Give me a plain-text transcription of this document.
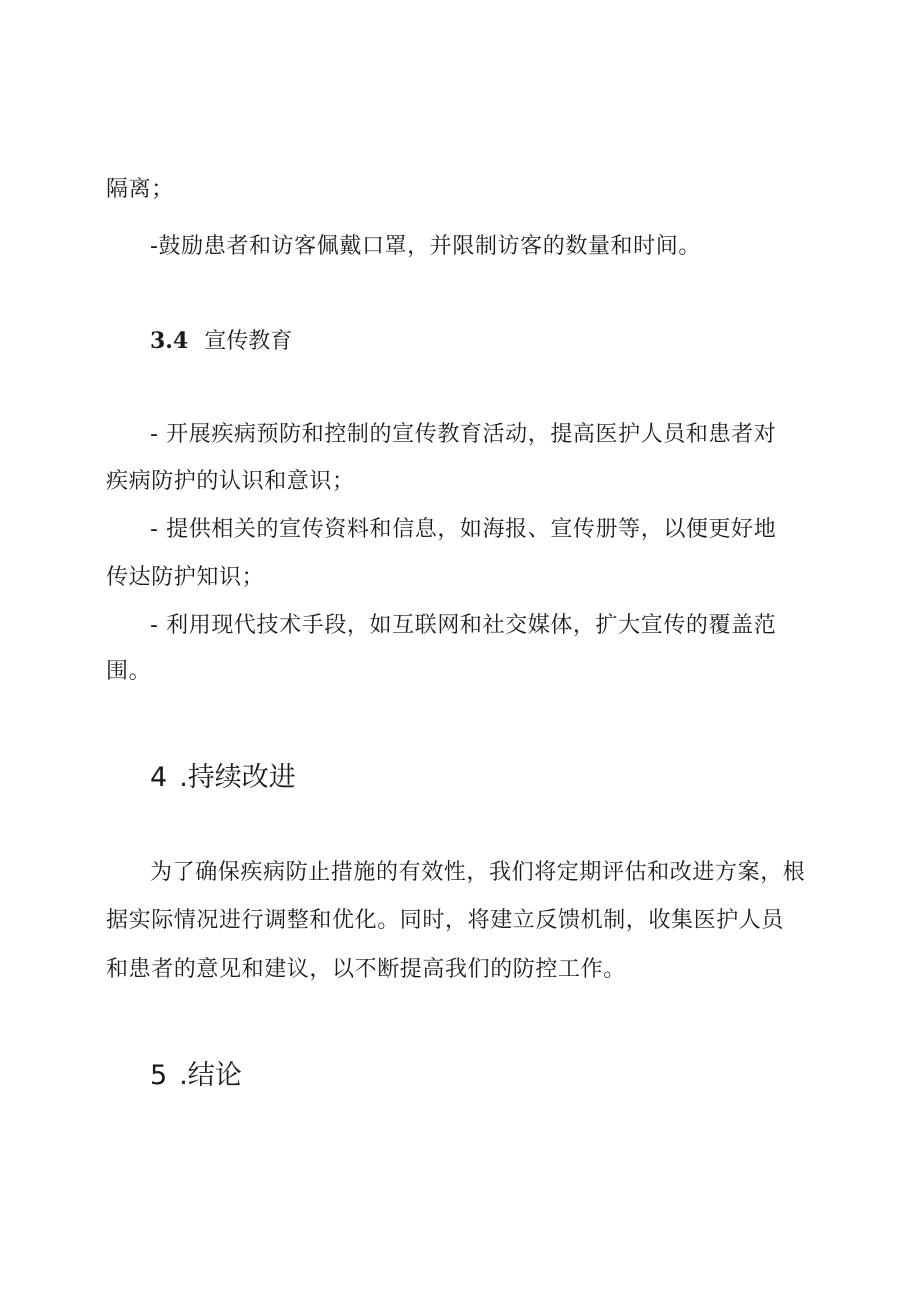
隔离；
-鼓励患者和访客佩戴口罩，并限制访客的数量和时间。
3.4 宣传教育
- 开展疾病预防和控制的宣传教育活动，提高医护人员和患者对
疾病防护的认识和意识；
- 提供相关的宣传资料和信息，如海报、宣传册等，以便更好地
传达防护知识；
- 利用现代技术手段，如互联网和社交媒体，扩大宣传的覆盖范
围。
4 .持续改进
为了确保疾病防止措施的有效性，我们将定期评估和改进方案，根
据实际情况进行调整和优化。同时，将建立反馈机制，收集医护人员
和患者的意见和建议，以不断提高我们的防控工作。
5 .结论
